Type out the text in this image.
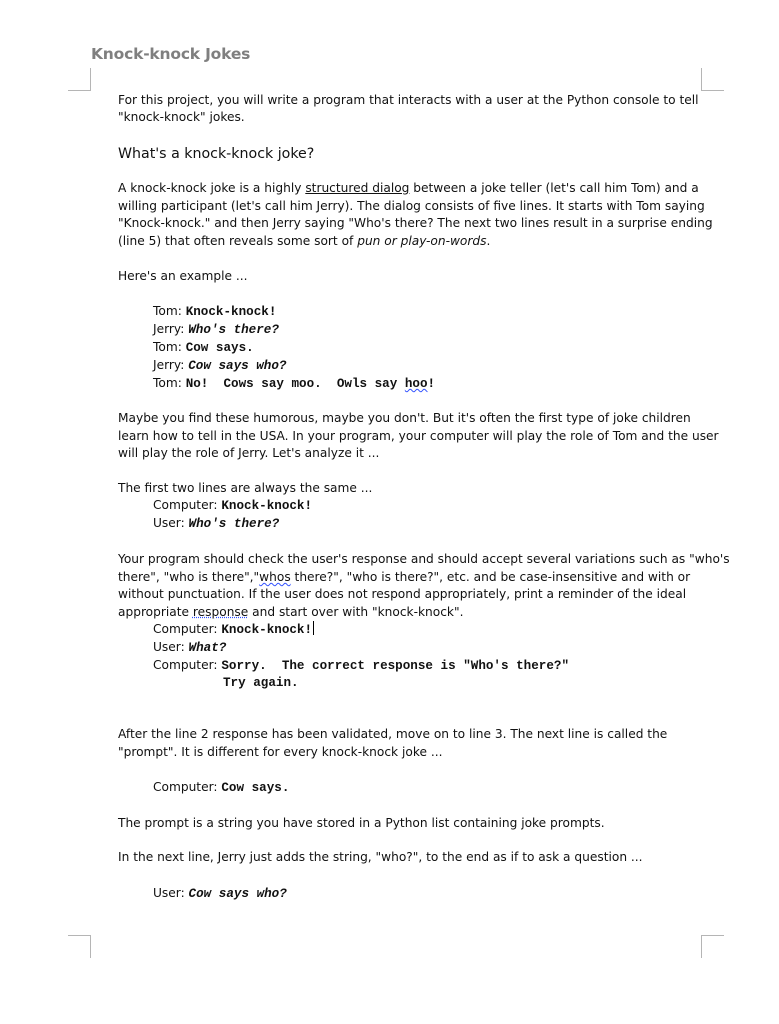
Knock-knock Jokes
For this project, you will write a program that interacts with a user at the Python console to tell
"knock-knock" jokes.
What's a knock-knock joke?
A knock-knock joke is a highly structured dialog between a joke teller (let's call him Tom) and a
willing participant (let's call him Jerry). The dialog consists of five lines. It starts with Tom saying
"Knock-knock." and then Jerry saying "Who's there? The next two lines result in a surprise ending
(line 5) that often reveals some sort of pun or play-on-words.
Here's an example ...
Tom: Knock-knock!
Jerry: Who's there?
Tom: Cow says.
Jerry: Cow says who?
Tom: No!  Cows say moo.  Owls say hoo!
Maybe you find these humorous, maybe you don't. But it's often the first type of joke children
learn how to tell in the USA. In your program, your computer will play the role of Tom and the user
will play the role of Jerry. Let's analyze it ...
The first two lines are always the same ...
Computer: Knock-knock!
User: Who's there?
Your program should check the user's response and should accept several variations such as "who's
there", "who is there","whos there?", "who is there?", etc. and be case-insensitive and with or
without punctuation. If the user does not respond appropriately, print a reminder of the ideal
appropriate response and start over with "knock-knock".
Computer: Knock-knock!
User: What?
Computer: Sorry.  The correct response is "Who's there?"
Try again.
After the line 2 response has been validated, move on to line 3. The next line is called the
"prompt". It is different for every knock-knock joke ...
Computer: Cow says.
The prompt is a string you have stored in a Python list containing joke prompts.
In the next line, Jerry just adds the string, "who?", to the end as if to ask a question ...
User: Cow says who?
